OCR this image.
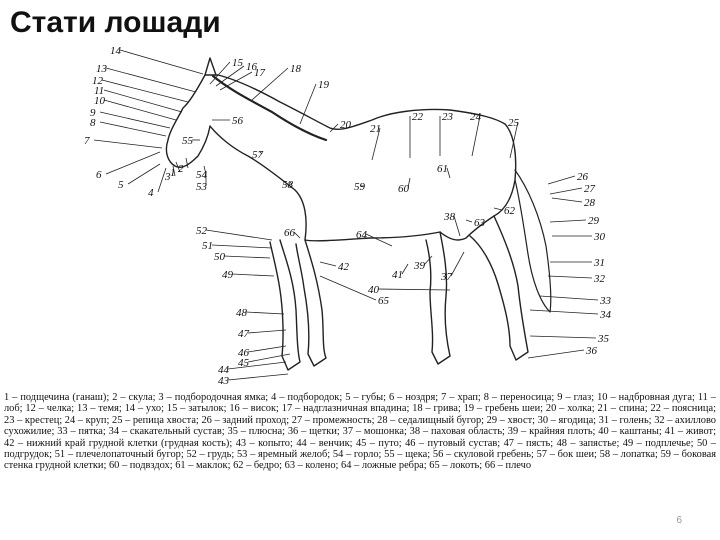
Стати лошади
1 2
3
4
5
6
7
8
9
10
11
12
13
14
15 16
17 18
19
20 21
22 23 24 25
26
27
28
29
30
31
32
33
34
35
36
37
38
39
40
41
42
43
44
45
46
47
48
49
50
51
52
53
54
55
56
57
58	59	60
61
62
63
64
65
66

1 – подщечина (ганаш); 2 – скула; 3 – подбородочная ямка; 4 – подбородок; 5 – губы; 6 – ноздря; 7 – храп; 8 – переносица; 9 – глаз; 10 – надбровная дуга; 11 – лоб; 12 – челка; 13 – темя; 14 – ухо; 15 – затылок; 16 – висок; 17 – надглазничная впадина; 18 – грива; 19 – гребень шеи; 20 – холка; 21 – спина; 22 – поясница; 23 – крестец; 24 – круп; 25 – репица хвоста; 26 – задний проход; 27 – промежность; 28 – седалищный бугор; 29 – хвост; 30 – ягодица; 31 – голень; 32 – ахиллово сухожилие; 33 – пятка; 34 – скакательный сустав; 35 – плюсна; 36 – щетки; 37 – мошонка; 38 – паховая область; 39 – крайняя плоть; 40 – каштаны; 41 – живот; 42 – нижний край грудной клетки (грудная кость); 43 – копыто; 44 – венчик; 45 – путо; 46 – путовый сустав; 47 – пясть; 48 – запястье; 49 – подплечье; 50 – подгрудок; 51 – плечелопаточный бугор; 52 – грудь; 53 – яремный желоб; 54 – горло; 55 – щека; 56 – скуловой гребень; 57 – бок шеи; 58 – лопатка; 59 – боковая стенка грудной клетки; 60 – подвздох; 61 – маклок; 62 – бедро; 63 – колено; 64 – ложные ребра; 65 – локоть; 66 – плечо

6
